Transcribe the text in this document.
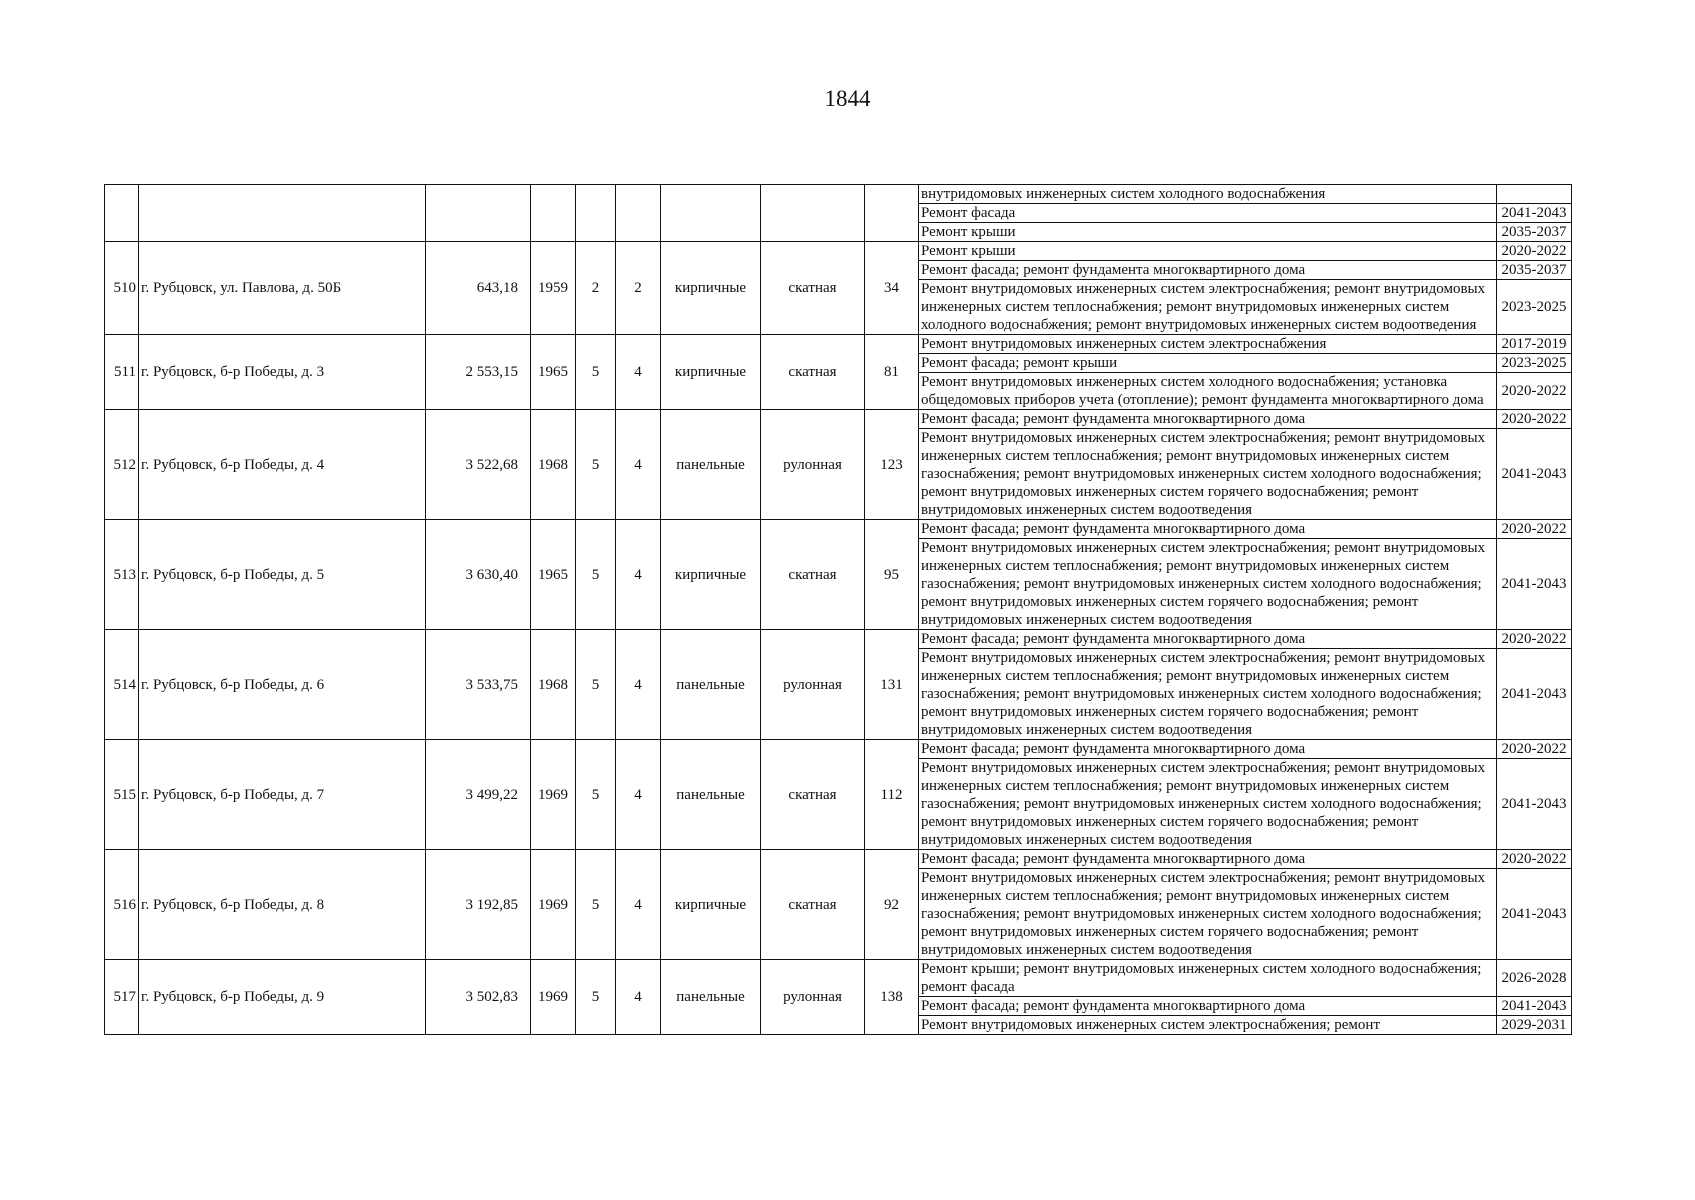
1844
									внутридомовых инженерных систем холодного водоснабжения	
									Ремонт фасада	2041-2043
									Ремонт крыши	2035-2037
510	г. Рубцовск, ул. Павлова, д. 50Б	643,18	1959	2	2	кирпичные	скатная	34	Ремонт крыши	2020-2022
									Ремонт фасада; ремонт фундамента многоквартирного дома	2035-2037
									Ремонт внутридомовых инженерных систем электроснабжения; ремонт внутридомовых инженерных систем теплоснабжения; ремонт внутридомовых инженерных систем холодного водоснабжения; ремонт внутридомовых инженерных систем водоотведения	2023-2025
511	г. Рубцовск, б-р Победы, д. 3	2 553,15	1965	5	4	кирпичные	скатная	81	Ремонт внутридомовых инженерных систем электроснабжения	2017-2019
									Ремонт фасада; ремонт крыши	2023-2025
									Ремонт внутридомовых инженерных систем холодного водоснабжения; установка общедомовых приборов учета (отопление); ремонт фундамента многоквартирного дома	2020-2022
512	г. Рубцовск, б-р Победы, д. 4	3 522,68	1968	5	4	панельные	рулонная	123	Ремонт фасада; ремонт фундамента многоквартирного дома	2020-2022
									Ремонт внутридомовых инженерных систем электроснабжения; ремонт внутридомовых инженерных систем теплоснабжения; ремонт внутридомовых инженерных систем газоснабжения; ремонт внутридомовых инженерных систем холодного водоснабжения; ремонт внутридомовых инженерных систем горячего водоснабжения; ремонт внутридомовых инженерных систем водоотведения	2041-2043
513	г. Рубцовск, б-р Победы, д. 5	3 630,40	1965	5	4	кирпичные	скатная	95	Ремонт фасада; ремонт фундамента многоквартирного дома	2020-2022
									Ремонт внутридомовых инженерных систем электроснабжения; ремонт внутридомовых инженерных систем теплоснабжения; ремонт внутридомовых инженерных систем газоснабжения; ремонт внутридомовых инженерных систем холодного водоснабжения; ремонт внутридомовых инженерных систем горячего водоснабжения; ремонт внутридомовых инженерных систем водоотведения	2041-2043
514	г. Рубцовск, б-р Победы, д. 6	3 533,75	1968	5	4	панельные	рулонная	131	Ремонт фасада; ремонт фундамента многоквартирного дома	2020-2022
									Ремонт внутридомовых инженерных систем электроснабжения; ремонт внутридомовых инженерных систем теплоснабжения; ремонт внутридомовых инженерных систем газоснабжения; ремонт внутридомовых инженерных систем холодного водоснабжения; ремонт внутридомовых инженерных систем горячего водоснабжения; ремонт внутридомовых инженерных систем водоотведения	2041-2043
515	г. Рубцовск, б-р Победы, д. 7	3 499,22	1969	5	4	панельные	скатная	112	Ремонт фасада; ремонт фундамента многоквартирного дома	2020-2022
									Ремонт внутридомовых инженерных систем электроснабжения; ремонт внутридомовых инженерных систем теплоснабжения; ремонт внутридомовых инженерных систем газоснабжения; ремонт внутридомовых инженерных систем холодного водоснабжения; ремонт внутридомовых инженерных систем горячего водоснабжения; ремонт внутридомовых инженерных систем водоотведения	2041-2043
516	г. Рубцовск, б-р Победы, д. 8	3 192,85	1969	5	4	кирпичные	скатная	92	Ремонт фасада; ремонт фундамента многоквартирного дома	2020-2022
									Ремонт внутридомовых инженерных систем электроснабжения; ремонт внутридомовых инженерных систем теплоснабжения; ремонт внутридомовых инженерных систем газоснабжения; ремонт внутридомовых инженерных систем холодного водоснабжения; ремонт внутридомовых инженерных систем горячего водоснабжения; ремонт внутридомовых инженерных систем водоотведения	2041-2043
517	г. Рубцовск, б-р Победы, д. 9	3 502,83	1969	5	4	панельные	рулонная	138	Ремонт крыши; ремонт внутридомовых инженерных систем холодного водоснабжения; ремонт фасада	2026-2028
									Ремонт фасада; ремонт фундамента многоквартирного дома	2041-2043
									Ремонт внутридомовых инженерных систем электроснабжения; ремонт	2029-2031
